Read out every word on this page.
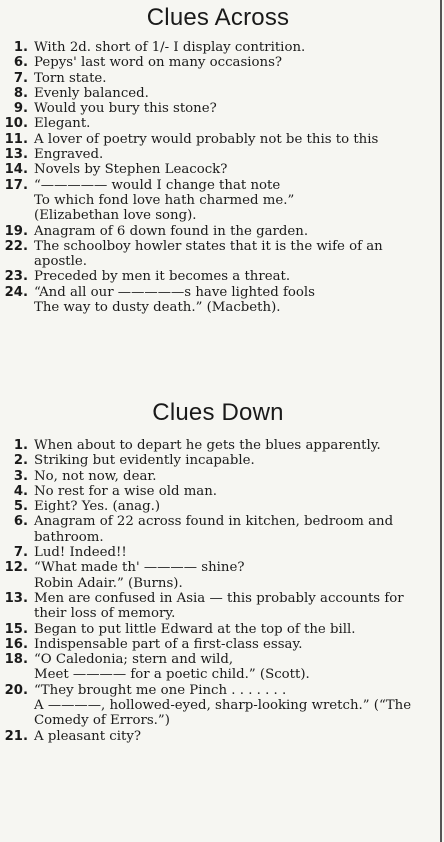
Clues Across
1. With 2d. short of 1/- I display contrition.
6. Pepys' last word on many occasions?
7. Torn state.
8. Evenly balanced.
9. Would you bury this stone?
10. Elegant.
11. A lover of poetry would probably not be this to this
13. Engraved.
14. Novels by Stephen Leacock?
17. “————— would I change that note
To which fond love hath charmed me.”
(Elizabethan love song).
19. Anagram of 6 down found in the garden.
22. The schoolboy howler states that it is the wife of an apostle.
23. Preceded by men it becomes a threat.
24. “And all our —————s have lighted fools
The way to dusty death.” (Macbeth).
Clues Down
1. When about to depart he gets the blues apparently.
2. Striking but evidently incapable.
3. No, not now, dear.
4. No rest for a wise old man.
5. Eight? Yes. (anag.)
6. Anagram of 22 across found in kitchen, bedroom and bathroom.
7. Lud! Indeed!!
12. “What made th' ———— shine?
Robin Adair.” (Burns).
13. Men are confused in Asia — this probably accounts for their loss of memory.
15. Began to put little Edward at the top of the bill.
16. Indispensable part of a first-class essay.
18. “O Caledonia; stern and wild,
Meet ———— for a poetic child.” (Scott).
20. “They brought me one Pinch . . . . . . .
A ————, hollowed-eyed, sharp-looking wretch.” (“The Comedy of Errors.”)
21. A pleasant city?
